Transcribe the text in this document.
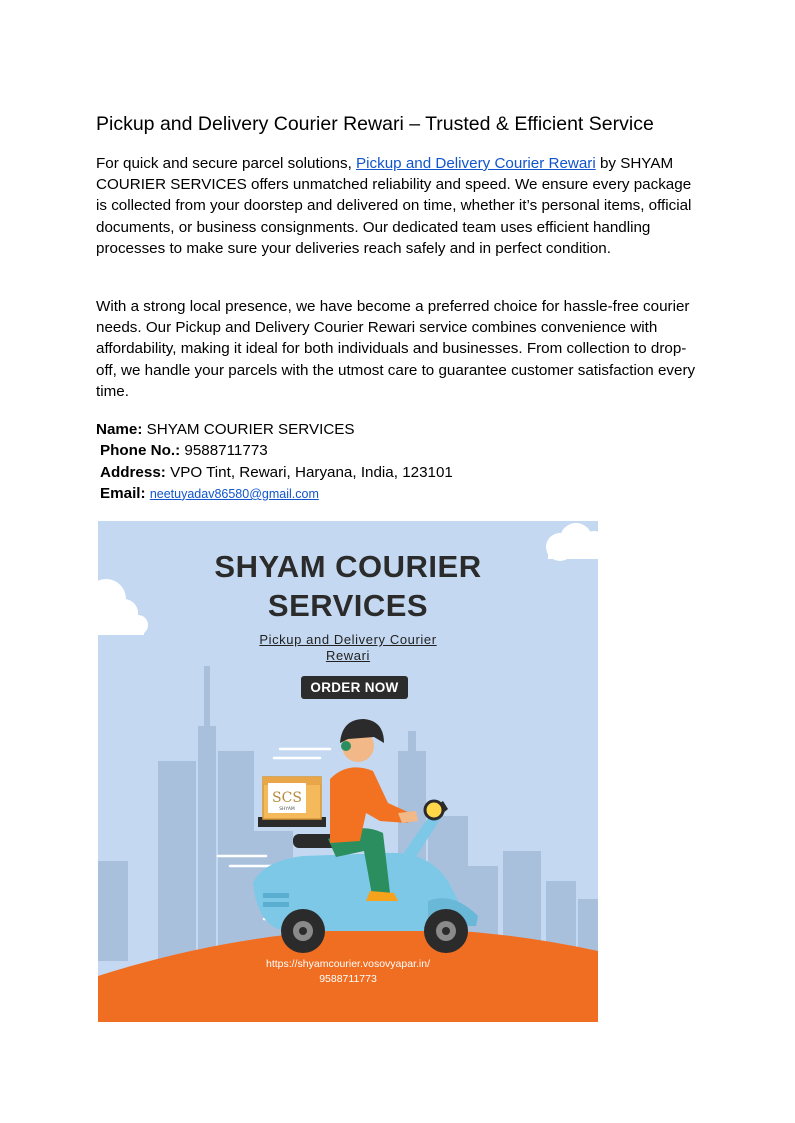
Pickup and Delivery Courier Rewari – Trusted & Efficient Service

For quick and secure parcel solutions, Pickup and Delivery Courier Rewari by SHYAM COURIER SERVICES offers unmatched reliability and speed. We ensure every package is collected from your doorstep and delivered on time, whether it’s personal items, official documents, or business consignments. Our dedicated team uses efficient handling processes to make sure your deliveries reach safely and in perfect condition.

With a strong local presence, we have become a preferred choice for hassle-free courier needs. Our Pickup and Delivery Courier Rewari service combines convenience with affordability, making it ideal for both individuals and businesses. From collection to drop-off, we handle your parcels with the utmost care to guarantee customer satisfaction every time.

Name: SHYAM COURIER SERVICES
Phone No.: 9588711773
Address: VPO Tint, Rewari, Haryana, India, 123101
Email: neetuyadav86580@gmail.com
SCS
SHYAM
SHYAM COURIER
SERVICES
Pickup and Delivery Courier
Rewari
ORDER NOW
https://shyamcourier.vosovyapar.in/
9588711773
